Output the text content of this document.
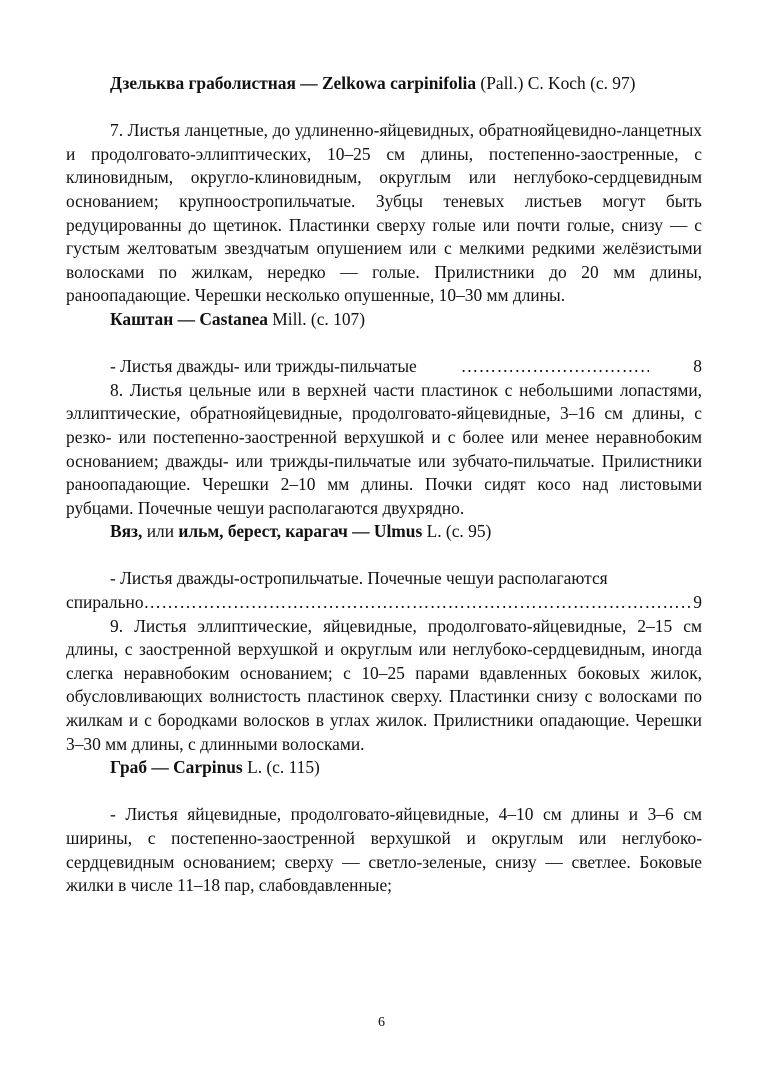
Дзельква граболистная — Zelkowa carpinifolia (Pall.) C. Koch (с. 97)

7. Листья ланцетные, до удлиненно-яйцевидных, обратнояйцевидно-ланцетных и продолговато-эллиптических, 10–25 см длины, постепенно-заостренные, с клиновидным, округло-клиновидным, округлым или неглубоко-сердцевидным основанием; крупноостропильчатые. Зубцы теневых листьев могут быть редуцированны до щетинок. Пластинки сверху голые или почти голые, снизу — с густым желтоватым звездчатым опушением или с мелкими редкими желёзистыми волосками по жилкам, нередко — голые. Прилистники до 20 мм длины, раноопадающие. Черешки несколько опушенные, 10–30 мм длины.

Каштан — Castanea Mill. (с. 107)

- Листья дважды- или трижды-пильчатые ……………………………………………………………………………………………………………………………………	8

8. Листья цельные или в верхней части пластинок с небольшими лопастями, эллиптические, обратнояйцевидные, продолговато-яйцевидные, 3–16 см длины, с резко- или постепенно-заостренной верхушкой и с более или менее неравнобоким основанием; дважды- или трижды-пильчатые или зубчато-пильчатые. Прилистники раноопадающие. Черешки 2–10 мм длины. Почки сидят косо над листовыми рубцами. Почечные чешуи располагаются двухрядно.

Вяз, или ильм, берест, карагач — Ulmus L. (с. 95)

- Листья дважды-остропильчатые. Почечные чешуи располагаются

спирально ……………………………………………………………………………………………………………………………………	9

9. Листья эллиптические, яйцевидные, продолговато-яйцевидные, 2–15 см длины, с заостренной верхушкой и округлым или неглубоко-сердцевидным, иногда слегка неравнобоким основанием; с 10–25 парами вдавленных боковых жилок, обусловливающих волнистость пластинок сверху. Пластинки снизу с волосками по жилкам и с бородками волосков в углах жилок. Прилистники опадающие. Черешки 3–30 мм длины, с длинными волосками.

Граб — Carpinus L. (с. 115)

- Листья яйцевидные, продолговато-яйцевидные, 4–10 см длины и 3–6 см ширины, с постепенно-заостренной верхушкой и округлым или неглубоко-сердцевидным основанием; сверху — светло-зеленые, снизу — светлее. Боковые жилки в числе 11–18 пар, слабовдавленные;

6
